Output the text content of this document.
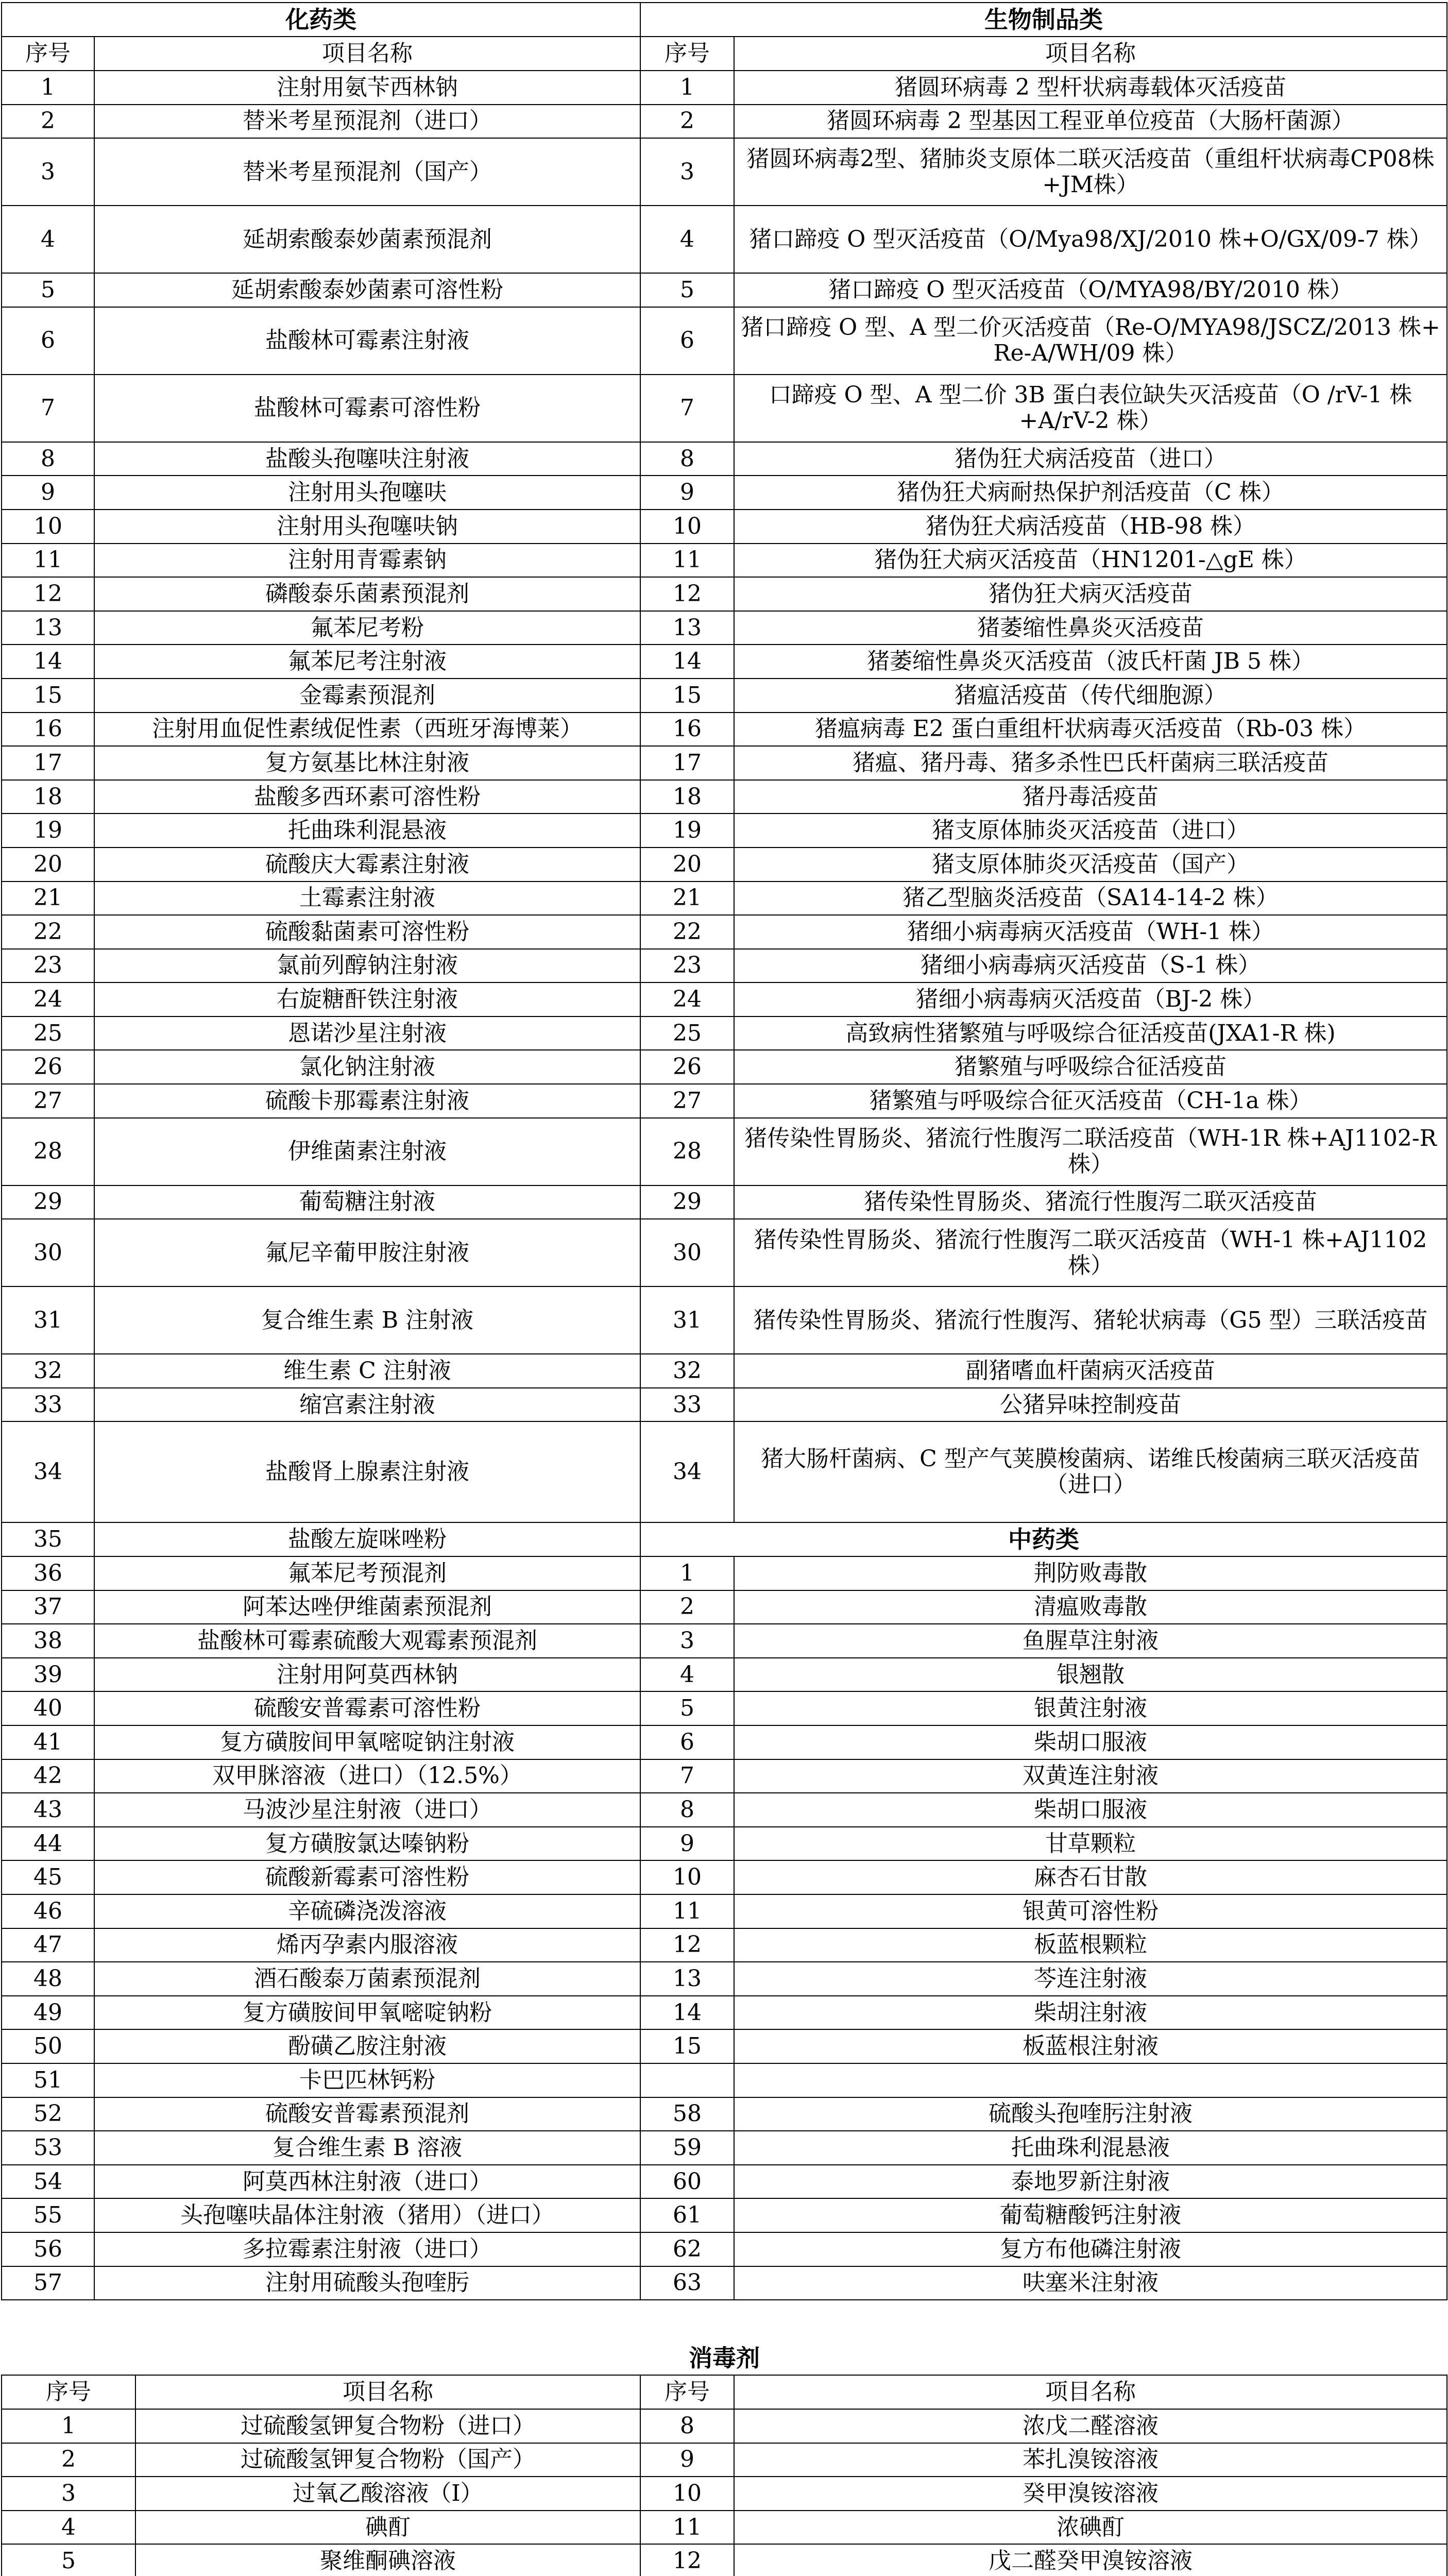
化药类		生物制品类	
序号	项目名称	序号	项目名称
1	注射用氨苄西林钠	1	猪圆环病毒 2 型杆状病毒载体灭活疫苗
2	替米考星预混剂（进口）	2	猪圆环病毒 2 型基因工程亚单位疫苗（大肠杆菌源）
3	替米考星预混剂（国产）	3	猪圆环病毒2型、猪肺炎支原体二联灭活疫苗（重组杆状病毒CP08株+JM株）
4	延胡索酸泰妙菌素预混剂	4	猪口蹄疫 O 型灭活疫苗（O/Mya98/XJ/2010 株+O/GX/09-7 株）
5	延胡索酸泰妙菌素可溶性粉	5	猪口蹄疫 O 型灭活疫苗（O/MYA98/BY/2010 株）
6	盐酸林可霉素注射液	6	猪口蹄疫 O 型、A 型二价灭活疫苗（Re-O/MYA98/JSCZ/2013 株+ Re-A/WH/09 株）
7	盐酸林可霉素可溶性粉	7	口蹄疫 O 型、A 型二价 3B 蛋白表位缺失灭活疫苗（O /rV-1 株+A/rV-2 株）
8	盐酸头孢噻呋注射液	8	猪伪狂犬病活疫苗（进口）
9	注射用头孢噻呋	9	猪伪狂犬病耐热保护剂活疫苗（C 株）
10	注射用头孢噻呋钠	10	猪伪狂犬病活疫苗（HB-98 株）
11	注射用青霉素钠	11	猪伪狂犬病灭活疫苗（HN1201-△gE 株）
12	磷酸泰乐菌素预混剂	12	猪伪狂犬病灭活疫苗
13	氟苯尼考粉	13	猪萎缩性鼻炎灭活疫苗
14	氟苯尼考注射液	14	猪萎缩性鼻炎灭活疫苗（波氏杆菌 JB 5 株）
15	金霉素预混剂	15	猪瘟活疫苗（传代细胞源）
16	注射用血促性素绒促性素（西班牙海博莱）	16	猪瘟病毒 E2 蛋白重组杆状病毒灭活疫苗（Rb-03 株）
17	复方氨基比林注射液	17	猪瘟、猪丹毒、猪多杀性巴氏杆菌病三联活疫苗
18	盐酸多西环素可溶性粉	18	猪丹毒活疫苗
19	托曲珠利混悬液	19	猪支原体肺炎灭活疫苗（进口）
20	硫酸庆大霉素注射液	20	猪支原体肺炎灭活疫苗（国产）
21	土霉素注射液	21	猪乙型脑炎活疫苗（SA14-14-2 株）
22	硫酸黏菌素可溶性粉	22	猪细小病毒病灭活疫苗（WH-1 株）
23	氯前列醇钠注射液	23	猪细小病毒病灭活疫苗（S-1 株）
24	右旋糖酐铁注射液	24	猪细小病毒病灭活疫苗（BJ-2 株）
25	恩诺沙星注射液	25	高致病性猪繁殖与呼吸综合征活疫苗(JXA1-R 株)
26	氯化钠注射液	26	猪繁殖与呼吸综合征活疫苗
27	硫酸卡那霉素注射液	27	猪繁殖与呼吸综合征灭活疫苗（CH-1a 株）
28	伊维菌素注射液	28	猪传染性胃肠炎、猪流行性腹泻二联活疫苗（WH-1R 株+AJ1102-R 株）
29	葡萄糖注射液	29	猪传染性胃肠炎、猪流行性腹泻二联灭活疫苗
30	氟尼辛葡甲胺注射液	30	猪传染性胃肠炎、猪流行性腹泻二联灭活疫苗（WH-1 株+AJ1102 株）
31	复合维生素 B 注射液	31	猪传染性胃肠炎、猪流行性腹泻、猪轮状病毒（G5 型）三联活疫苗
32	维生素 C 注射液	32	副猪嗜血杆菌病灭活疫苗
33	缩宫素注射液	33	公猪异味控制疫苗
34	盐酸肾上腺素注射液	34	猪大肠杆菌病、C 型产气荚膜梭菌病、诺维氏梭菌病三联灭活疫苗（进口）
35	盐酸左旋咪唑粉	中药类	
36	氟苯尼考预混剂	1	荆防败毒散
37	阿苯达唑伊维菌素预混剂	2	清瘟败毒散
38	盐酸林可霉素硫酸大观霉素预混剂	3	鱼腥草注射液
39	注射用阿莫西林钠	4	银翘散
40	硫酸安普霉素可溶性粉	5	银黄注射液
41	复方磺胺间甲氧嘧啶钠注射液	6	柴胡口服液
42	双甲脒溶液（进口）（12.5%）	7	双黄连注射液
43	马波沙星注射液（进口）	8	柴胡口服液
44	复方磺胺氯达嗪钠粉	9	甘草颗粒
45	硫酸新霉素可溶性粉	10	麻杏石甘散
46	辛硫磷浇泼溶液	11	银黄可溶性粉
47	烯丙孕素内服溶液	12	板蓝根颗粒
48	酒石酸泰万菌素预混剂	13	芩连注射液
49	复方磺胺间甲氧嘧啶钠粉	14	柴胡注射液
50	酚磺乙胺注射液	15	板蓝根注射液
51	卡巴匹林钙粉		
52	硫酸安普霉素预混剂	58	硫酸头孢喹肟注射液
53	复合维生素 B 溶液	59	托曲珠利混悬液
54	阿莫西林注射液（进口）	60	泰地罗新注射液
55	头孢噻呋晶体注射液（猪用）（进口）	61	葡萄糖酸钙注射液
56	多拉霉素注射液（进口）	62	复方布他磷注射液
57	注射用硫酸头孢喹肟	63	呋塞米注射液
消毒剂			
序号	项目名称	序号	项目名称
1	过硫酸氢钾复合物粉（进口）	8	浓戊二醛溶液
2	过硫酸氢钾复合物粉（国产）	9	苯扎溴铵溶液
3	过氧乙酸溶液（Ⅰ）	10	癸甲溴铵溶液
4	碘酊	11	浓碘酊
5	聚维酮碘溶液	12	戊二醛癸甲溴铵溶液
